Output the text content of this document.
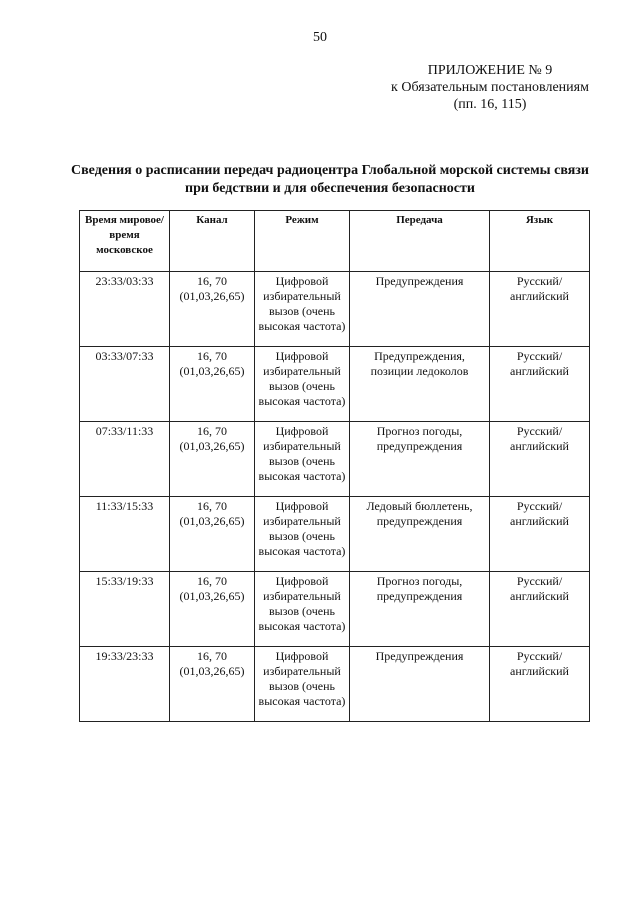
50
ПРИЛОЖЕНИЕ № 9
к Обязательным постановлениям
(пп. 16, 115)
Сведения о расписании передач радиоцентра Глобальной морской системы связи
при бедствии и для обеспечения безопасности
Время мировое/ время московское	Канал	Режим	Передача	Язык
23:33/03:33	16, 70 (01,03,26,65)	Цифровой избирательный вызов (очень высокая частота)	Предупреждения	Русский/ английский
03:33/07:33	16, 70 (01,03,26,65)	Цифровой избирательный вызов (очень высокая частота)	Предупреждения, позиции ледоколов	Русский/ английский
07:33/11:33	16, 70 (01,03,26,65)	Цифровой избирательный вызов (очень высокая частота)	Прогноз погоды, предупреждения	Русский/ английский
11:33/15:33	16, 70 (01,03,26,65)	Цифровой избирательный вызов (очень высокая частота)	Ледовый бюллетень, предупреждения	Русский/ английский
15:33/19:33	16, 70 (01,03,26,65)	Цифровой избирательный вызов (очень высокая частота)	Прогноз погоды, предупреждения	Русский/ английский
19:33/23:33	16, 70 (01,03,26,65)	Цифровой избирательный вызов (очень высокая частота)	Предупреждения	Русский/ английский
